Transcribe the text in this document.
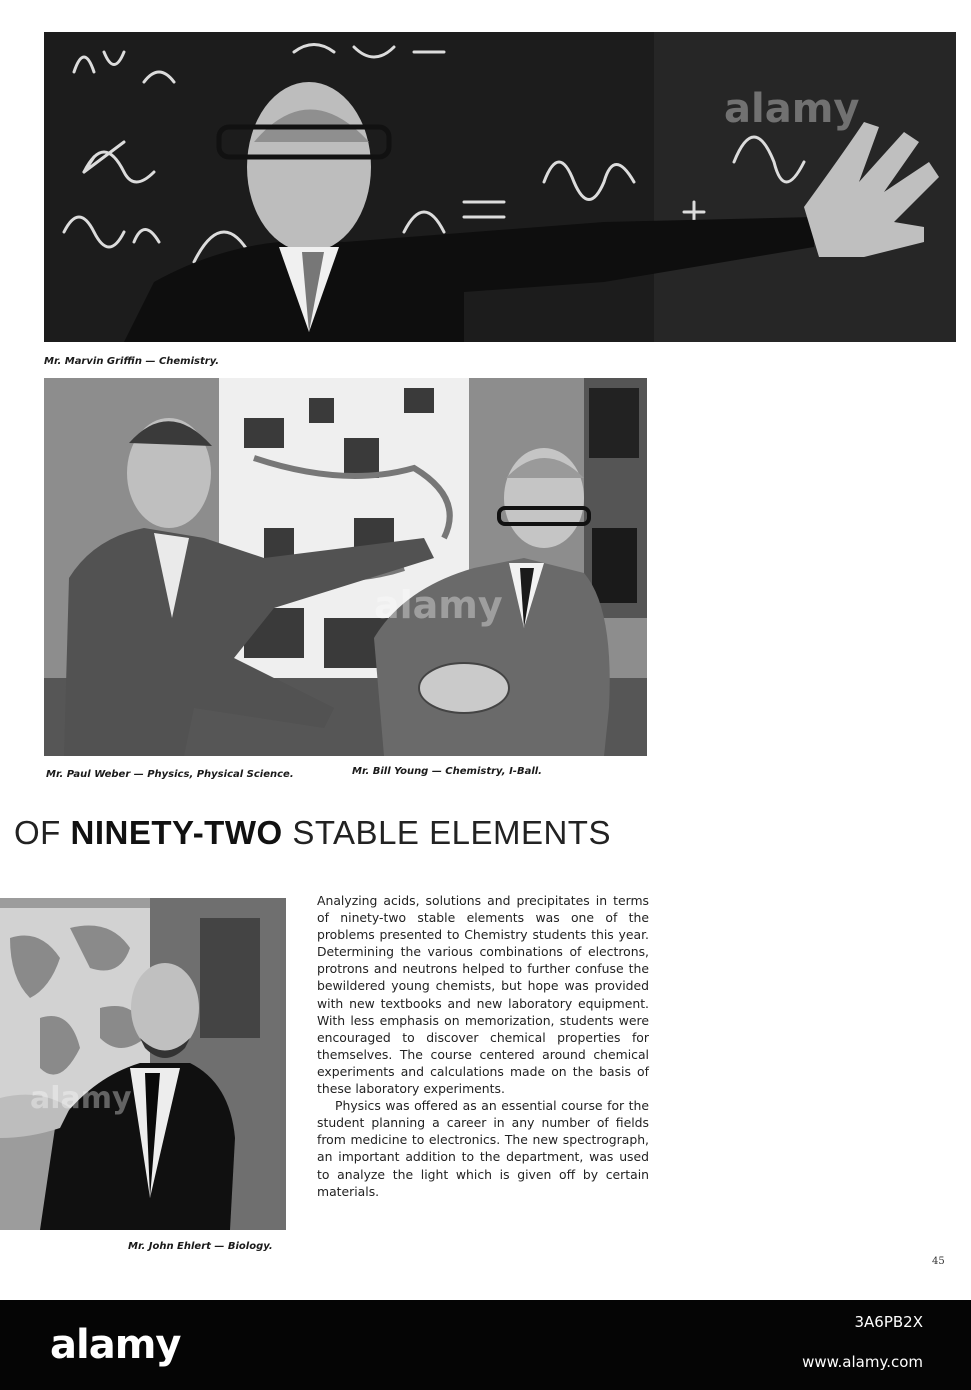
alamy
Mr. Marvin Griffin — Chemistry.
alamy
Mr. Paul Weber — Physics, Physical Science.	Mr. Bill Young — Chemistry, I-Ball.
OF NINETY-TWO STABLE ELEMENTS
alamy
Mr. John Ehlert — Biology.

Analyzing acids, solutions and precipitates in terms of ninety-two stable elements was one of the problems presented to Chemistry students this year. Determining the various combinations of electrons, protrons and neutrons helped to further confuse the bewildered young chemists, but hope was provided with new textbooks and new laboratory equipment. With less emphasis on memorization, students were encouraged to discover chemical properties for themselves. The course centered around chemical experiments and calculations made on the basis of these laboratory experiments.

Physics was offered as an essential course for the student planning a career in any number of fields from medicine to electronics. The new spectrograph, an important addition to the department, was used to analyze the light which is given off by certain materials.

45
alamy	3A6PB2X
www.alamy.com
